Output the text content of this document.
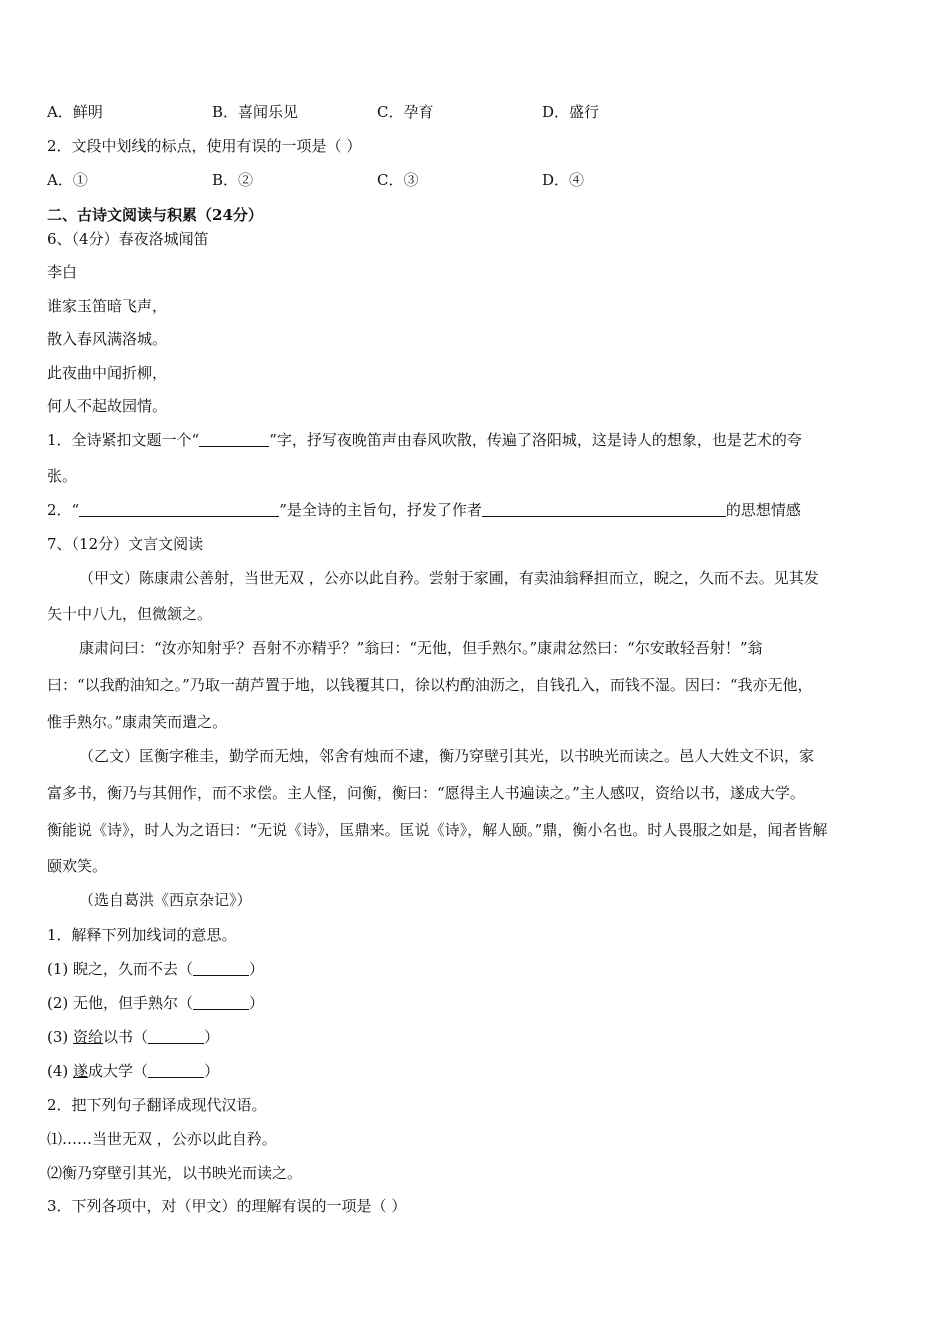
A．鲜明	B．喜闻乐见	C．孕育	D．盛行
2．文段中划线的标点，使用有误的一项是（ ）
A．①	B．②	C．③	D．④
二、古诗文阅读与积累（24分）
6、（4分）春夜洛城闻笛
李白
谁家玉笛暗飞声，
散入春风满洛城。
此夜曲中闻折柳，
何人不起故园情。
1．全诗紧扣文题一个“	”字，抒写夜晚笛声由春风吹散，传遍了洛阳城，这是诗人的想象，也是艺术的夸
张。
2．“	”是全诗的主旨句，抒发了作者	的思想情感
7、（12分）文言文阅读
（甲文）陈康肃公善射，当世无双 ，公亦以此自矜。尝射于家圃，有卖油翁释担而立，睨之，久而不去。见其发
矢十中八九，但微颔之。
康肃问曰：“汝亦知射乎？吾射不亦精乎？”翁曰：“无他，但手熟尔。”康肃忿然曰：“尔安敢轻吾射！”翁
曰：“以我酌油知之。”乃取一葫芦置于地，以钱覆其口，徐以杓酌油沥之，自钱孔入，而钱不湿。因曰：“我亦无他，
惟手熟尔。”康肃笑而遣之。
（乙文）匡衡字稚圭，勤学而无烛，邻舍有烛而不逮，衡乃穿壁引其光，以书映光而读之。邑人大姓文不识，家
富多书，衡乃与其佣作，而不求偿。主人怪，问衡，衡曰：“愿得主人书遍读之。”主人感叹，资给以书，遂成大学。
衡能说《诗》，时人为之语曰：“无说《诗》，匡鼎来。匡说《诗》，解人颐。”鼎，衡小名也。时人畏服之如是，闻者皆解
颐欢笑。
（选自葛洪《西京杂记》）
1．解释下列加线词的意思。
(1) 睨之，久而不去（	）
(2) 无他，但手熟尔（	）
(3) 资给以书（	）
(4) 遂成大学（	）
2．把下列句子翻译成现代汉语。
⑴……当世无双 ，公亦以此自矜。
⑵衡乃穿壁引其光，以书映光而读之。
3．下列各项中，对（甲文）的理解有误的一项是（ ）
